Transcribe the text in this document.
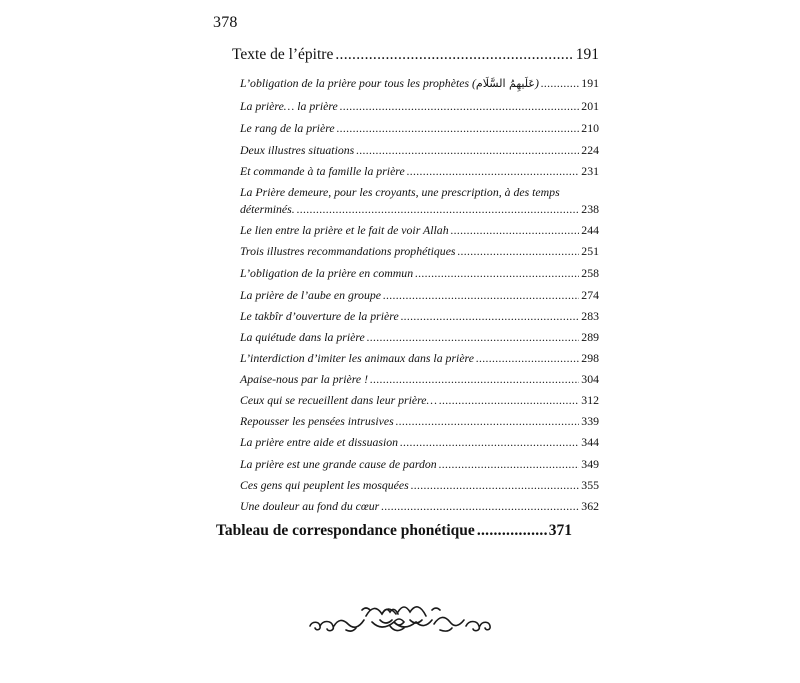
378
Texte de l’épitre .....	191
L’obligation de la prière pour tous les prophètes (عَلَيهِمُ السَّلَام) .....	191
La prière… la prière .....	201
Le rang de la prière .....	210
Deux illustres situations .....	224
Et commande à ta famille la prière .....	231
La Prière demeure, pour les croyants, une prescription, à des temps
déterminés. .....	238
Le lien entre la prière et le fait de voir Allah .....	244
Trois illustres recommandations prophétiques .....	251
L’obligation de la prière en commun .....	258
La prière de l’aube en groupe .....	274
Le takbîr d’ouverture de la prière .....	283
La quiétude dans la prière .....	289
L’interdiction d’imiter les animaux dans la prière .....	298
Apaise-nous par la prière ! .....	304
Ceux qui se recueillent dans leur prière… .....	312
Repousser les pensées intrusives .....	339
La prière entre aide et dissuasion .....	344
La prière est une grande cause de pardon .....	349
Ces gens qui peuplent les mosquées .....	355
Une douleur au fond du cœur .....	362
Tableau de correspondance phonétique .....	371
